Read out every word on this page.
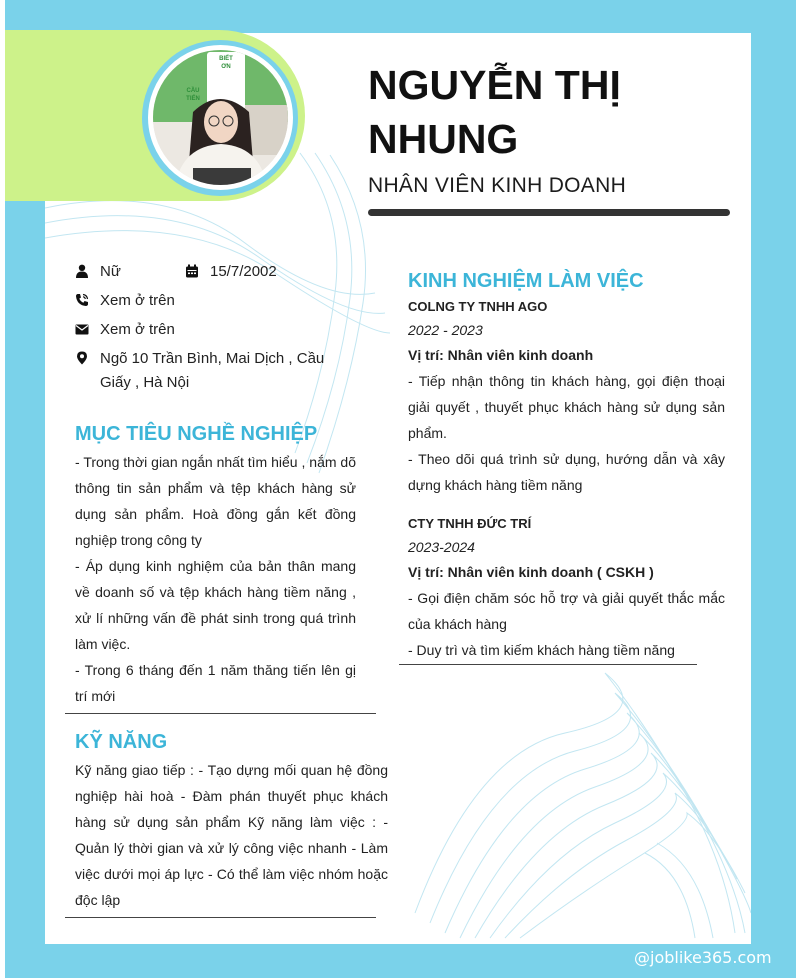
BIẾT
ƠN
CẦU
TIẾN	NGUYỄN THỊ NHUNG
NHÂN VIÊN KINH DOANH
Nữ	15/7/2002
Xem ở trên
Xem ở trên
Ngõ 10 Trần Bình, Mai Dịch , Cầu Giấy , Hà Nội
MỤC TIÊU NGHỀ NGHIỆP
- Trong thời gian ngắn nhất tìm hiểu , nắm dõ thông tin sản phẩm và tệp khách hàng sử dụng sản phẩm. Hoà đồng gắn kết đồng nghiệp trong công ty
- Áp dụng kinh nghiệm của bản thân mang về doanh số và tệp khách hàng tiềm năng , xử lí những vấn đề phát sinh trong quá trình làm việc.
- Trong 6 tháng đến 1 năm thăng tiến lên gị trí mới
KỸ NĂNG
Kỹ năng giao tiếp : - Tạo dựng mối quan hệ đồng nghiệp hài hoà - Đàm phán thuyết phục khách hàng sử dụng sản phẩm Kỹ năng làm việc : - Quản lý thời gian và xử lý công việc nhanh - Làm việc dưới mọi áp lực - Có thể làm việc nhóm hoặc độc lập
KINH NGHIỆM LÀM VIỆC
COLNG TY TNHH AGO
2022 - 2023
Vị trí: Nhân viên kinh doanh
- Tiếp nhận thông tin khách hàng, gọi điện thoại giải quyết , thuyết phục khách hàng sử dụng sản phẩm.
- Theo dõi quá trình sử dụng, hướng dẫn và xây dựng khách hàng tiềm năng
CTY TNHH ĐỨC TRÍ
2023-2024
Vị trí: Nhân viên kinh doanh ( CSKH )
- Gọi điện chăm sóc hỗ trợ và giải quyết thắc mắc của khách hàng
- Duy trì và tìm kiếm khách hàng tiềm năng
@joblike365.com
